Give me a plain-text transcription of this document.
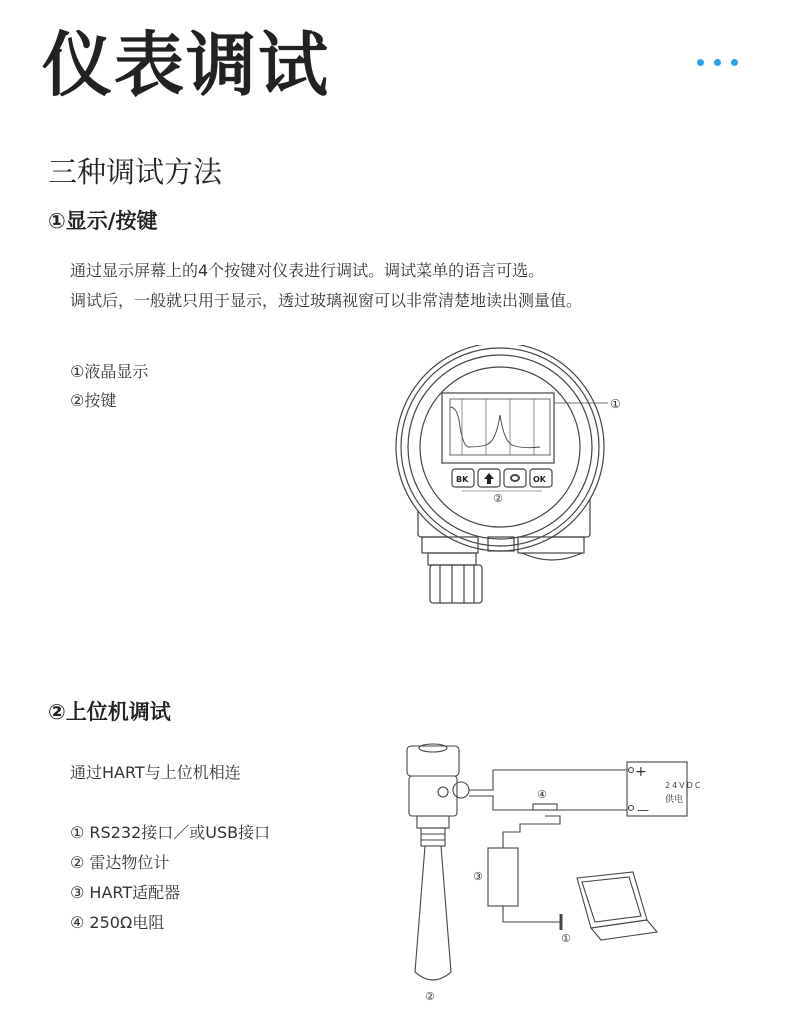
仪表调试
三种调试方法
①显示/按键
通过显示屏幕上的4个按键对仪表进行调试。调试菜单的语言可选。
调试后，一般就只用于显示，透过玻璃视窗可以非常清楚地读出测量值。
①液晶显示
②按键
BK	OK
①
②
②上位机调试
通过HART与上位机相连
① RS232接口／或USB接口
② 雷达物位计
③ HART适配器
④ 250Ω电阻
④
③
①
②
+
—
24VDC
供电
